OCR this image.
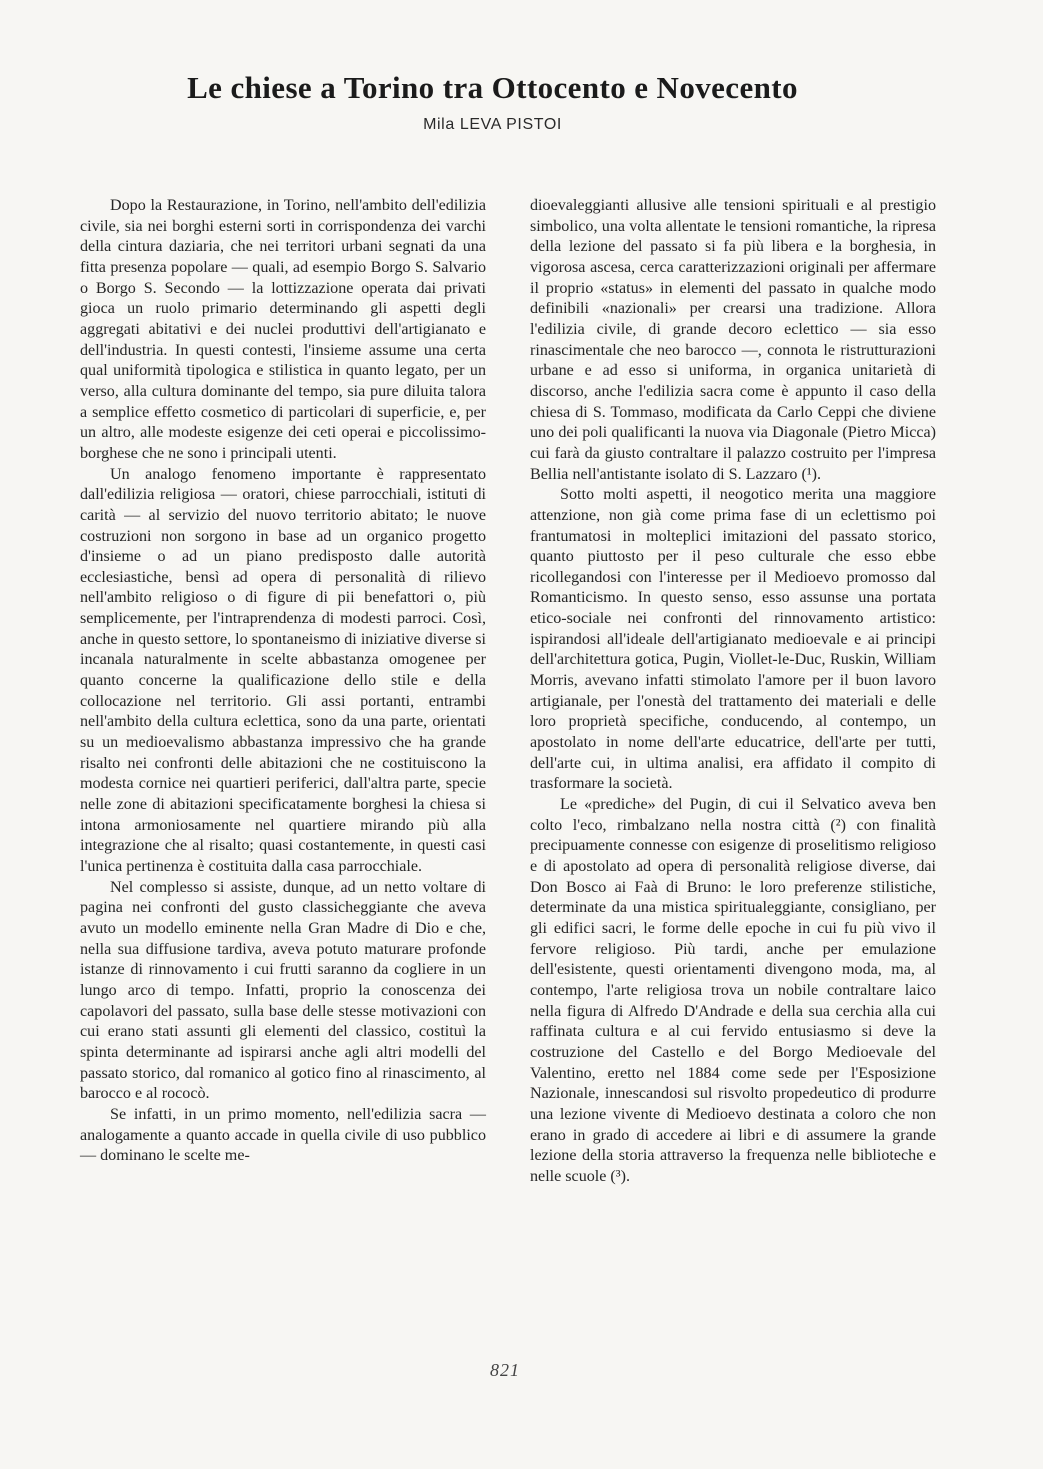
Le chiese a Torino tra Ottocento e Novecento
Mila LEVA PISTOI

Dopo la Restaurazione, in Torino, nell'ambito dell'edilizia civile, sia nei borghi esterni sorti in corrispondenza dei varchi della cintura daziaria, che nei territori urbani segnati da una fitta presenza popolare — quali, ad esempio Borgo S. Salvario o Borgo S. Secondo — la lottizzazione operata dai privati gioca un ruolo primario determinando gli aspetti degli aggregati abitativi e dei nuclei produttivi dell'artigianato e dell'industria. In questi contesti, l'insieme assume una certa qual uniformità tipologica e stilistica in quanto legato, per un verso, alla cultura dominante del tempo, sia pure diluita talora a semplice effetto cosmetico di particolari di superficie, e, per un altro, alle modeste esigenze dei ceti operai e piccolissimo-borghese che ne sono i principali utenti.

Un analogo fenomeno importante è rappresentato dall'edilizia religiosa — oratori, chiese parrocchiali, istituti di carità — al servizio del nuovo territorio abitato; le nuove costruzioni non sorgono in base ad un organico progetto d'insieme o ad un piano predisposto dalle autorità ecclesiastiche, bensì ad opera di personalità di rilievo nell'ambito religioso o di figure di pii benefattori o, più semplicemente, per l'intraprendenza di modesti parroci. Così, anche in questo settore, lo spontaneismo di iniziative diverse si incanala naturalmente in scelte abbastanza omogenee per quanto concerne la qualificazione dello stile e della collocazione nel territorio. Gli assi portanti, entrambi nell'ambito della cultura eclettica, sono da una parte, orientati su un medioevalismo abbastanza impressivo che ha grande risalto nei confronti delle abitazioni che ne costituiscono la modesta cornice nei quartieri periferici, dall'altra parte, specie nelle zone di abitazioni specificatamente borghesi la chiesa si intona armoniosamente nel quartiere mirando più alla integrazione che al risalto; quasi costantemente, in questi casi l'unica pertinenza è costituita dalla casa parrocchiale.

Nel complesso si assiste, dunque, ad un netto voltare di pagina nei confronti del gusto classicheggiante che aveva avuto un modello eminente nella Gran Madre di Dio e che, nella sua diffusione tardiva, aveva potuto maturare profonde istanze di rinnovamento i cui frutti saranno da cogliere in un lungo arco di tempo. Infatti, proprio la conoscenza dei capolavori del passato, sulla base delle stesse motivazioni con cui erano stati assunti gli elementi del classico, costituì la spinta determinante ad ispirarsi anche agli altri modelli del passato storico, dal romanico al gotico fino al rinascimento, al barocco e al rococò.

Se infatti, in un primo momento, nell'edilizia sacra — analogamente a quanto accade in quella civile di uso pubblico — dominano le scelte me-

dioevaleggianti allusive alle tensioni spirituali e al prestigio simbolico, una volta allentate le tensioni romantiche, la ripresa della lezione del passato si fa più libera e la borghesia, in vigorosa ascesa, cerca caratterizzazioni originali per affermare il proprio «status» in elementi del passato in qualche modo definibili «nazionali» per crearsi una tradizione. Allora l'edilizia civile, di grande decoro eclettico — sia esso rinascimentale che neo barocco —, connota le ristrutturazioni urbane e ad esso si uniforma, in organica unitarietà di discorso, anche l'edilizia sacra come è appunto il caso della chiesa di S. Tommaso, modificata da Carlo Ceppi che diviene uno dei poli qualificanti la nuova via Diagonale (Pietro Micca) cui farà da giusto contraltare il palazzo costruito per l'impresa Bellia nell'antistante isolato di S. Lazzaro (¹).

Sotto molti aspetti, il neogotico merita una maggiore attenzione, non già come prima fase di un eclettismo poi frantumatosi in molteplici imitazioni del passato storico, quanto piuttosto per il peso culturale che esso ebbe ricollegandosi con l'interesse per il Medioevo promosso dal Romanticismo. In questo senso, esso assunse una portata etico-sociale nei confronti del rinnovamento artistico: ispirandosi all'ideale dell'artigianato medioevale e ai principi dell'architettura gotica, Pugin, Viollet-le-Duc, Ruskin, William Morris, avevano infatti stimolato l'amore per il buon lavoro artigianale, per l'onestà del trattamento dei materiali e delle loro proprietà specifiche, conducendo, al contempo, un apostolato in nome dell'arte educatrice, dell'arte per tutti, dell'arte cui, in ultima analisi, era affidato il compito di trasformare la società.

Le «prediche» del Pugin, di cui il Selvatico aveva ben colto l'eco, rimbalzano nella nostra città (²) con finalità precipuamente connesse con esigenze di proselitismo religioso e di apostolato ad opera di personalità religiose diverse, dai Don Bosco ai Faà di Bruno: le loro preferenze stilistiche, determinate da una mistica spiritualeggiante, consigliano, per gli edifici sacri, le forme delle epoche in cui fu più vivo il fervore religioso. Più tardi, anche per emulazione dell'esistente, questi orientamenti divengono moda, ma, al contempo, l'arte religiosa trova un nobile contraltare laico nella figura di Alfredo D'Andrade e della sua cerchia alla cui raffinata cultura e al cui fervido entusiasmo si deve la costruzione del Castello e del Borgo Medioevale del Valentino, eretto nel 1884 come sede per l'Esposizione Nazionale, innescandosi sul risvolto propedeutico di produrre una lezione vivente di Medioevo destinata a coloro che non erano in grado di accedere ai libri e di assumere la grande lezione della storia attraverso la frequenza nelle biblioteche e nelle scuole (³).

821
